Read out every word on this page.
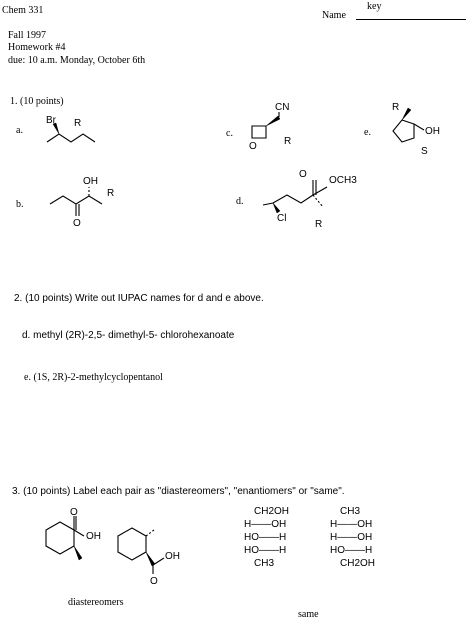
Chem 331	key
Name
Fall 1997
Homework #4
due: 10 a.m. Monday, October 6th
1. (10 points)
a.
Br R
b.
OH
O
R
c.
CN
O	R
d.
O
OCH3
Cl
R
e.
R
OH
S
2. (10 points) Write out IUPAC names for d and e above.
d. methyl (2R)-2,5- dimethyl-5- chlorohexanoate
e. (1S, 2R)-2-methylcyclopentanol
3. (10 points) Label each pair as "diastereomers", "enantiomers" or "same".
O
OH
OH
O
diastereomers
CH2OH
H——OH
HO——H
HO——H
CH3
CH3
H——OH
H——OH
HO——H
CH2OH
same
